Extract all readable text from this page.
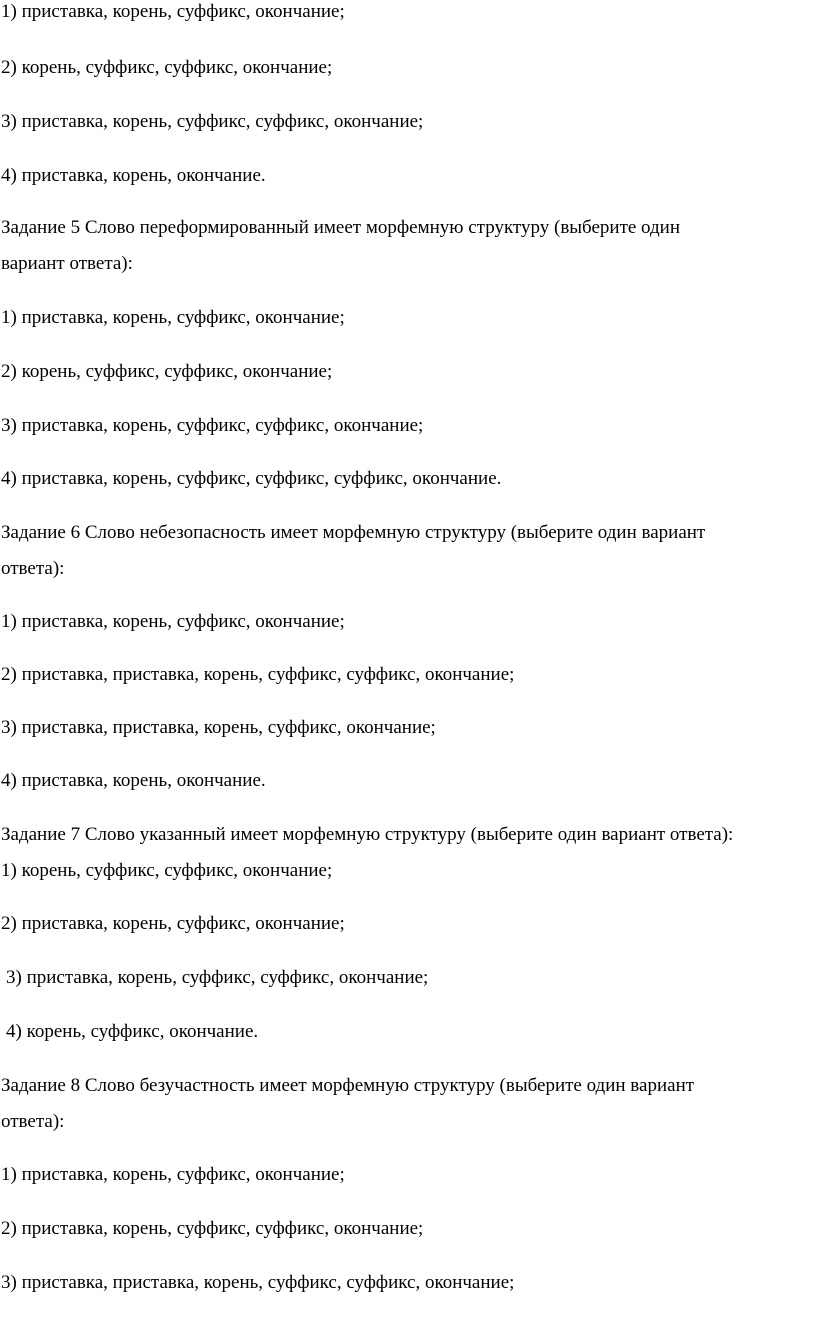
1) приставка, корень, суффикс, окончание;

2) корень, суффикс, суффикс, окончание;

3) приставка, корень, суффикс, суффикс, окончание;

4) приставка, корень, окончание.

Задание 5 Слово переформированный имеет морфемную структуру (выберите один

вариант ответа):

1) приставка, корень, суффикс, окончание;

2) корень, суффикс, суффикс, окончание;

3) приставка, корень, суффикс, суффикс, окончание;

4) приставка, корень, суффикс, суффикс, суффикс, окончание.

Задание 6 Слово небезопасность имеет морфемную структуру (выберите один вариант

ответа):

1) приставка, корень, суффикс, окончание;

2) приставка, приставка, корень, суффикс, суффикс, окончание;

3) приставка, приставка, корень, суффикс, окончание;

4) приставка, корень, окончание.

Задание 7 Слово указанный имеет морфемную структуру (выберите один вариант ответа):

1) корень, суффикс, суффикс, окончание;

2) приставка, корень, суффикс, окончание;

3) приставка, корень, суффикс, суффикс, окончание;

4) корень, суффикс, окончание.

Задание 8 Слово безучастность имеет морфемную структуру (выберите один вариант

ответа):

1) приставка, корень, суффикс, окончание;

2) приставка, корень, суффикс, суффикс, окончание;

3) приставка, приставка, корень, суффикс, суффикс, окончание;
